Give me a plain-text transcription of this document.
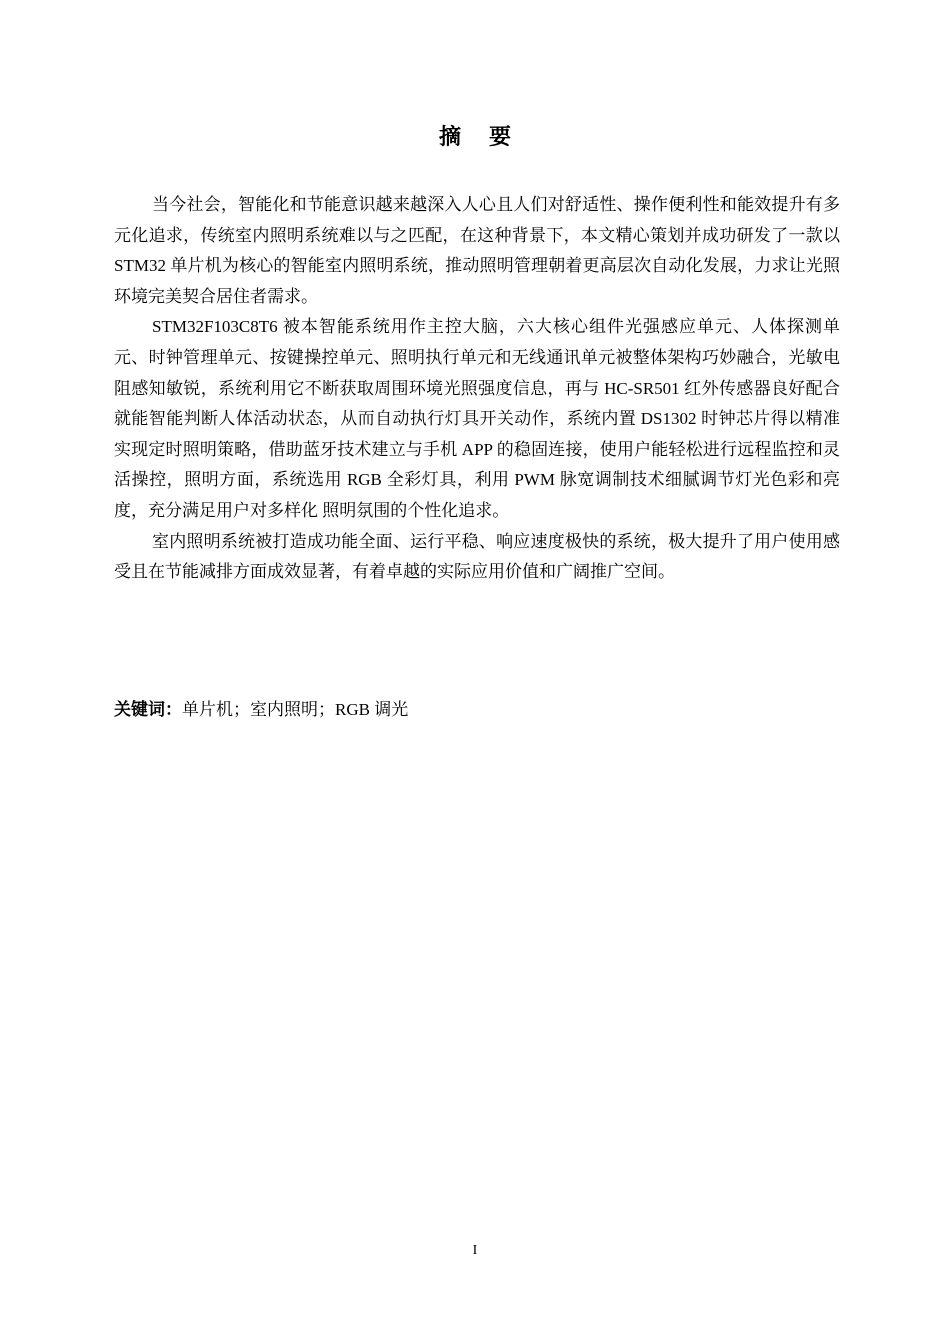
摘要

当今社会，智能化和节能意识越来越深入人心且人们对舒适性、操作便利性和能效提升有多元化追求，传统室内照明系统难以与之匹配，在这种背景下，本文精心策划并成功研发了一款以 STM32 单片机为核心的智能室内照明系统，推动照明管理朝着更高层次自动化发展，力求让光照环境完美契合居住者需求。

STM32F103C8T6 被本智能系统用作主控大脑，六大核心组件光强感应单元、人体探测单元、时钟管理单元、按键操控单元、照明执行单元和无线通讯单元被整体架构巧妙融合，光敏电阻感知敏锐，系统利用它不断获取周围环境光照强度信息，再与 HC-SR501 红外传感器良好配合就能智能判断人体活动状态，从而自动执行灯具开关动作，系统内置 DS1302 时钟芯片得以精准实现定时照明策略，借助蓝牙技术建立与手机 APP 的稳固连接，使用户能轻松进行远程监控和灵活操控，照明方面，系统选用 RGB 全彩灯具，利用 PWM 脉宽调制技术细腻调节灯光色彩和亮度，充分满足用户对多样化 照明氛围的个性化追求。

室内照明系统被打造成功能全面、运行平稳、响应速度极快的系统，极大提升了用户使用感受且在节能减排方面成效显著，有着卓越的实际应用价值和广阔推广空间。

关键词：单片机；室内照明；RGB 调光
I
